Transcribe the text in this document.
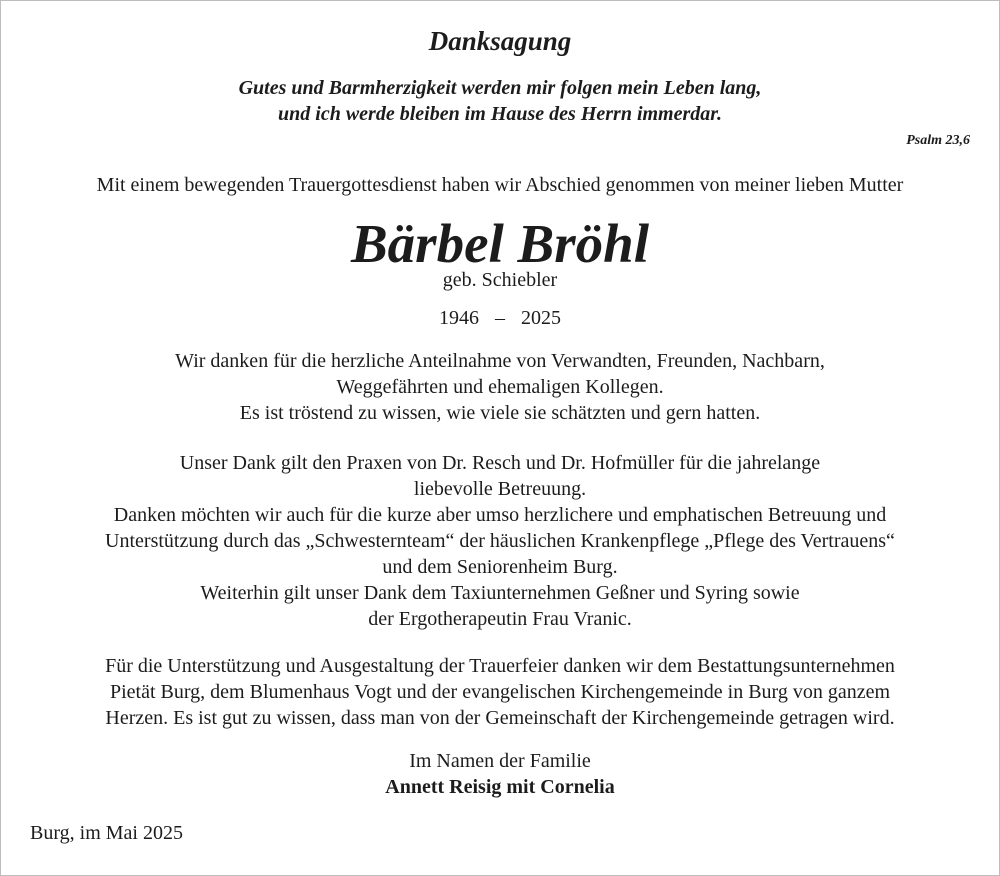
Danksagung
Gutes und Barmherzigkeit werden mir folgen mein Leben lang,
und ich werde bleiben im Hause des Herrn immerdar.
Psalm 23,6
Mit einem bewegenden Trauergottesdienst haben wir Abschied genommen von meiner lieben Mutter
Bärbel Bröhl
geb. Schiebler
1946 – 2025
Wir danken für die herzliche Anteilnahme von Verwandten, Freunden, Nachbarn,
Weggefährten und ehemaligen Kollegen.
Es ist tröstend zu wissen, wie viele sie schätzten und gern hatten.
Unser Dank gilt den Praxen von Dr. Resch und Dr. Hofmüller für die jahrelange
liebevolle Betreuung.
Danken möchten wir auch für die kurze aber umso herzlichere und emphatischen Betreuung und
Unterstützung durch das „Schwesternteam“ der häuslichen Krankenpflege „Pflege des Vertrauens“
und dem Seniorenheim Burg.
Weiterhin gilt unser Dank dem Taxiunternehmen Geßner und Syring sowie
der Ergotherapeutin Frau Vranic.
Für die Unterstützung und Ausgestaltung der Trauerfeier danken wir dem Bestattungsunternehmen
Pietät Burg, dem Blumenhaus Vogt und der evangelischen Kirchengemeinde in Burg von ganzem
Herzen. Es ist gut zu wissen, dass man von der Gemeinschaft der Kirchengemeinde getragen wird.
Im Namen der Familie
Annett Reisig mit Cornelia
Burg, im Mai 2025
